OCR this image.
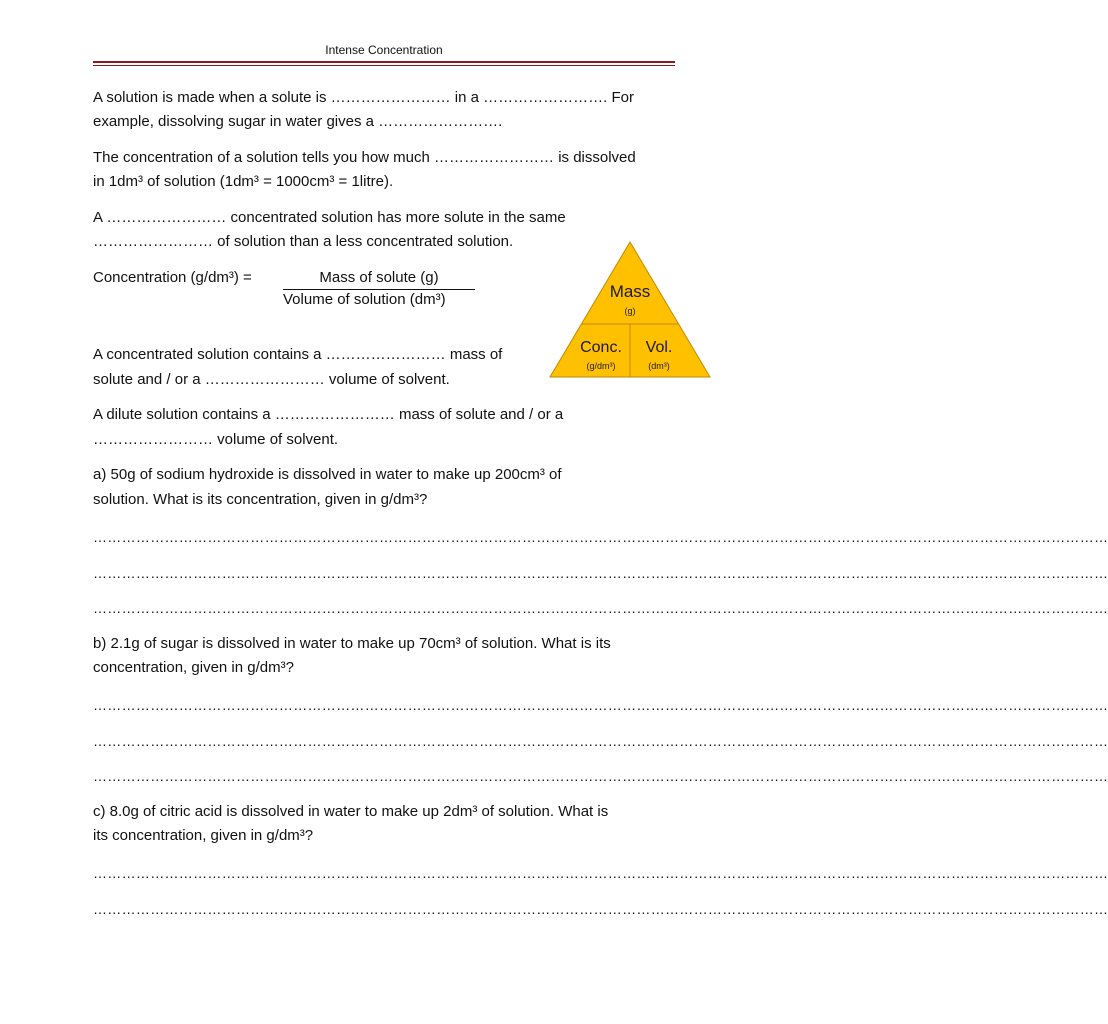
Intense Concentration

A solution is made when a solute is …………………… in a ……………………. For

example, dissolving sugar in water gives a …………………….

The concentration of a solution tells you how much …………………… is dissolved

in 1dm³ of solution (1dm³ = 1000cm³ = 1litre).

A …………………… concentrated solution has more solute in the same

…………………… of solution than a less concentrated solution.

Concentration (g/dm³) =	Mass of solute (g)
Volume of solution (dm³)	Mass
(g)
Conc.
(g/dm³)
Vol.
(dm³)

A concentrated solution contains a …………………… mass of

solute and / or a …………………… volume of solvent.

A dilute solution contains a …………………… mass of solute and / or a

…………………… volume of solvent.

a) 50g of sodium hydroxide is dissolved in water to make up 200cm³ of

solution. What is its concentration, given in g/dm³?

……………………………………………………………………………………………………………………………………………………………………………………………
……………………………………………………………………………………………………………………………………………………………………………………………
……………………………………………………………………………………………………………………………………………………………………………………………

b) 2.1g of sugar is dissolved in water to make up 70cm³ of solution. What is its

concentration, given in g/dm³?

……………………………………………………………………………………………………………………………………………………………………………………………
……………………………………………………………………………………………………………………………………………………………………………………………
……………………………………………………………………………………………………………………………………………………………………………………………

c) 8.0g of citric acid is dissolved in water to make up 2dm³ of solution. What is

its concentration, given in g/dm³?

……………………………………………………………………………………………………………………………………………………………………………………………
……………………………………………………………………………………………………………………………………………………………………………………………
